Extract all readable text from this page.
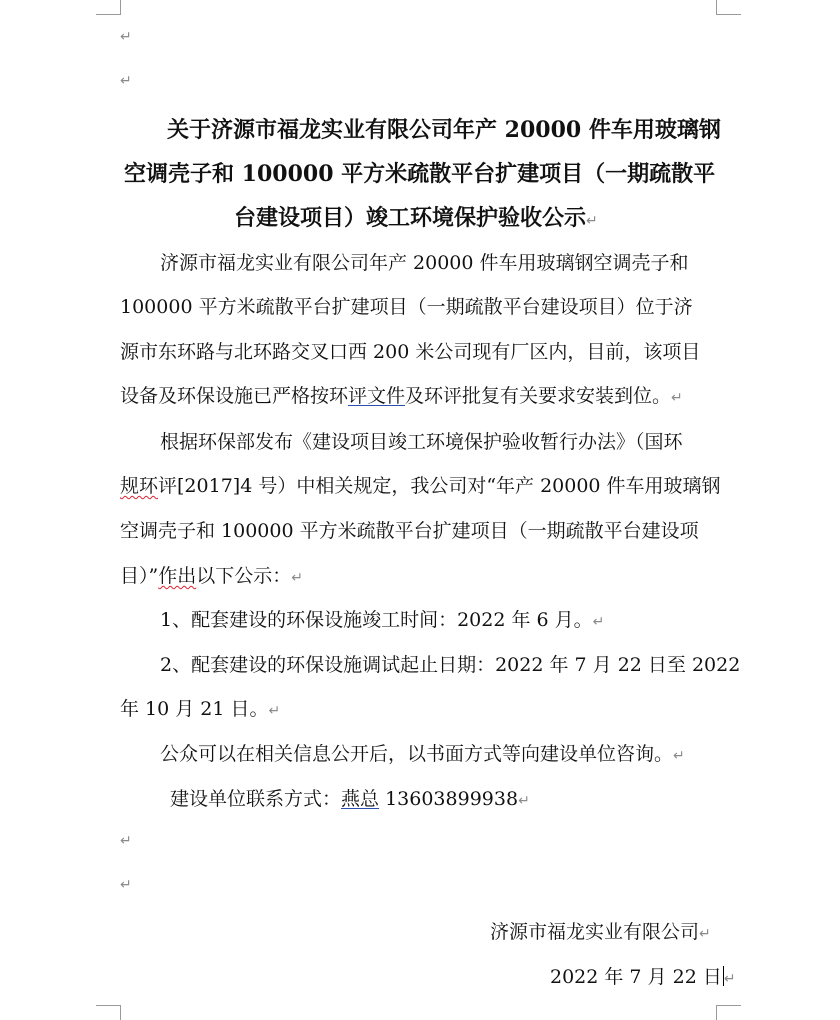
↵
↵
关于济源市福龙实业有限公司年产 20000 件车用玻璃钢
空调壳子和 100000 平方米疏散平台扩建项目（一期疏散平
台建设项目）竣工环境保护验收公示↵
济源市福龙实业有限公司年产 20000 件车用玻璃钢空调壳子和
100000 平方米疏散平台扩建项目（一期疏散平台建设项目）位于济
源市东环路与北环路交叉口西 200 米公司现有厂区内，目前，该项目
设备及环保设施已严格按环评文件及环评批复有关要求安装到位。↵
根据环保部发布《建设项目竣工环境保护验收暂行办法》（国环
规环评[2017]4 号）中相关规定，我公司对“年产 20000 件车用玻璃钢
空调壳子和 100000 平方米疏散平台扩建项目（一期疏散平台建设项
目）”作出以下公示：↵
1、配套建设的环保设施竣工时间：2022 年 6 月。↵
2、配套建设的环保设施调试起止日期：2022 年 7 月 22 日至 2022
年 10 月 21 日。↵
公众可以在相关信息公开后，以书面方式等向建设单位咨询。↵
建设单位联系方式：燕总 13603899938↵
↵
↵
济源市福龙实业有限公司↵
2022 年 7 月 22 日 ↵
